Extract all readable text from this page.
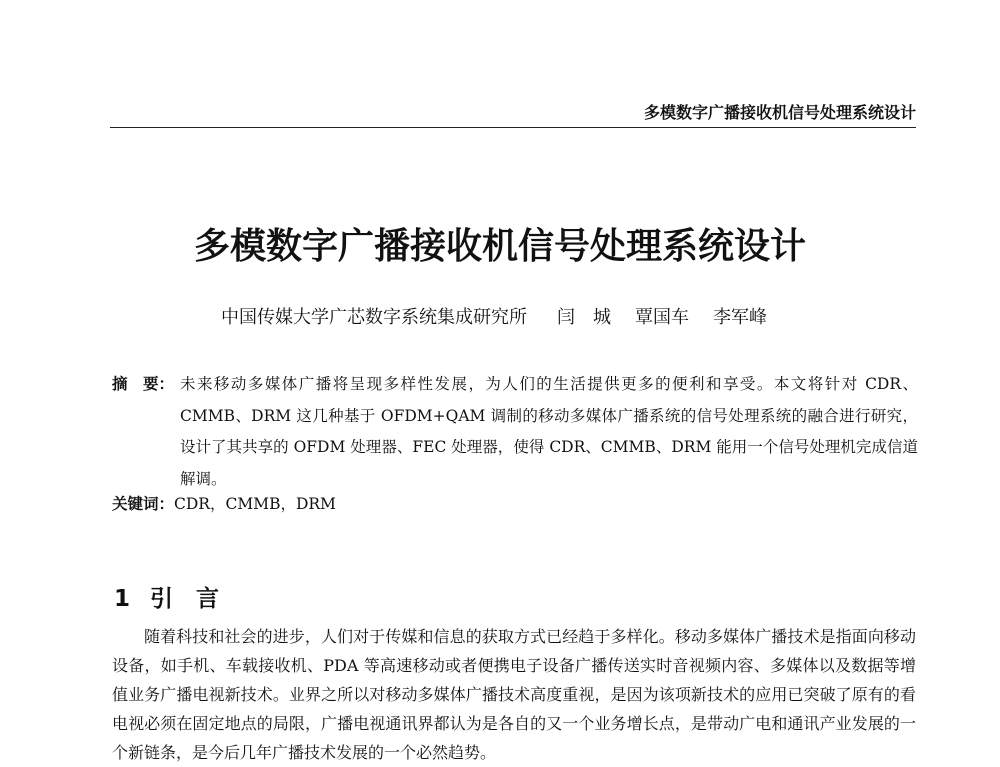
多模数字广播接收机信号处理系统设计
多模数字广播接收机信号处理系统设计
中国传媒大学广芯数字系统集成研究所 闫　城 覃国车 李军峰
摘　要： 未来移动多媒体广播将呈现多样性发展，为人们的生活提供更多的便利和享受。本文将针对 CDR、CMMB、DRM 这几种基于 OFDM+QAM 调制的移动多媒体广播系统的信号处理系统的融合进行研究，设计了其共享的 OFDM 处理器、FEC 处理器，使得 CDR、CMMB、DRM 能用一个信号处理机完成信道解调。
关键词：CDR，CMMB，DRM
1 引　言

随着科技和社会的进步，人们对于传媒和信息的获取方式已经趋于多样化。移动多媒体广播技术是指面向移动设备，如手机、车载接收机、PDA 等高速移动或者便携电子设备广播传送实时音视频内容、多媒体以及数据等增值业务广播电视新技术。业界之所以对移动多媒体广播技术高度重视，是因为该项新技术的应用已突破了原有的看电视必须在固定地点的局限，广播电视通讯界都认为是各自的又一个业务增长点，是带动广电和通讯产业发展的一个新链条，是今后几年广播技术发展的一个必然趋势。
